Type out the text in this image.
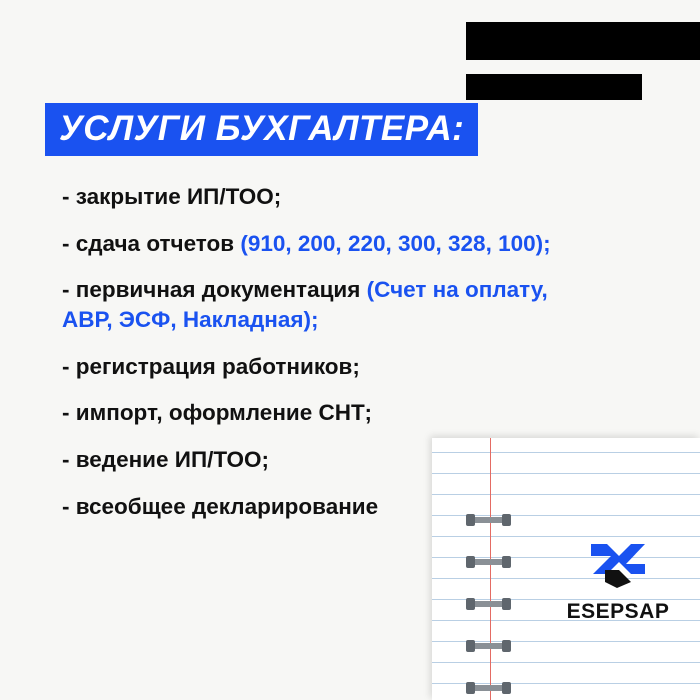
ESEPSAP
УСЛУГИ БУХГАЛТЕРА:
- закрытие ИП/ТОО;
- сдача отчетов (910, 200, 220, 300, 328, 100);
- первичная документация (Счет на оплату, АВР, ЭСФ, Накладная);
- регистрация работников;
- импорт, оформление СНТ;
- ведение ИП/ТОО;
- всеобщее декларирование
